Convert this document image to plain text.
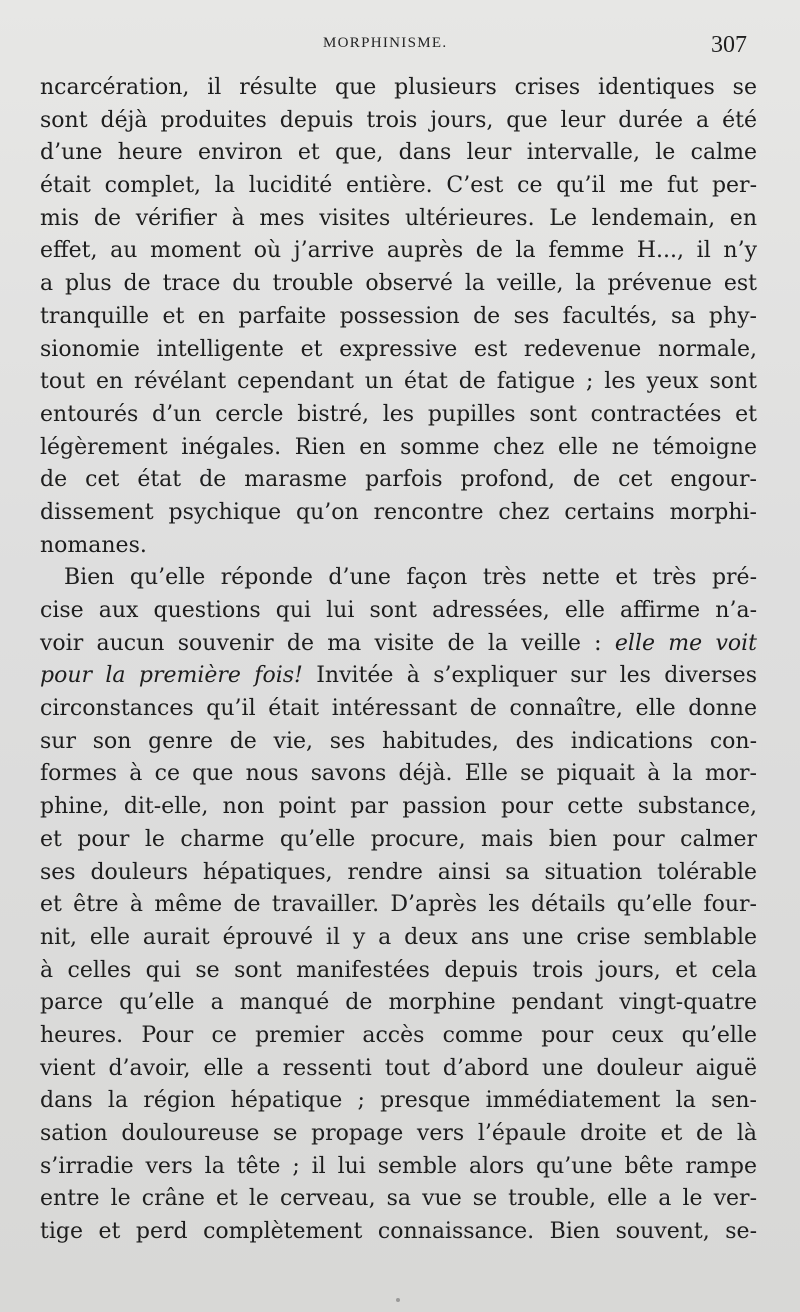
MORPHINISME.	307
ncarcération, il résulte que plusieurs crises identiques se
sont déjà produites depuis trois jours, que leur durée a été
d’une heure environ et que, dans leur intervalle, le calme
était complet, la lucidité entière. C’est ce qu’il me fut per-
mis de vérifier à mes visites ultérieures. Le lendemain, en
effet, au moment où j’arrive auprès de la femme H..., il n’y
a plus de trace du trouble observé la veille, la prévenue est
tranquille et en parfaite possession de ses facultés, sa phy-
sionomie intelligente et expressive est redevenue normale,
tout en révélant cependant un état de fatigue ; les yeux sont
entourés d’un cercle bistré, les pupilles sont contractées et
légèrement inégales. Rien en somme chez elle ne témoigne
de cet état de marasme parfois profond, de cet engour-
dissement psychique qu’on rencontre chez certains morphi-
nomanes.
Bien qu’elle réponde d’une façon très nette et très pré-
cise aux questions qui lui sont adressées, elle affirme n’a-
voir aucun souvenir de ma visite de la veille : elle me voit
pour la première fois! Invitée à s’expliquer sur les diverses
circonstances qu’il était intéressant de connaître, elle donne
sur son genre de vie, ses habitudes, des indications con-
formes à ce que nous savons déjà. Elle se piquait à la mor-
phine, dit-elle, non point par passion pour cette substance,
et pour le charme qu’elle procure, mais bien pour calmer
ses douleurs hépatiques, rendre ainsi sa situation tolérable
et être à même de travailler. D’après les détails qu’elle four-
nit, elle aurait éprouvé il y a deux ans une crise semblable
à celles qui se sont manifestées depuis trois jours, et cela
parce qu’elle a manqué de morphine pendant vingt-quatre
heures. Pour ce premier accès comme pour ceux qu’elle
vient d’avoir, elle a ressenti tout d’abord une douleur aiguë
dans la région hépatique ; presque immédiatement la sen-
sation douloureuse se propage vers l’épaule droite et de là
s’irradie vers la tête ; il lui semble alors qu’une bête rampe
entre le crâne et le cerveau, sa vue se trouble, elle a le ver-
tige et perd complètement connaissance. Bien souvent, se-
